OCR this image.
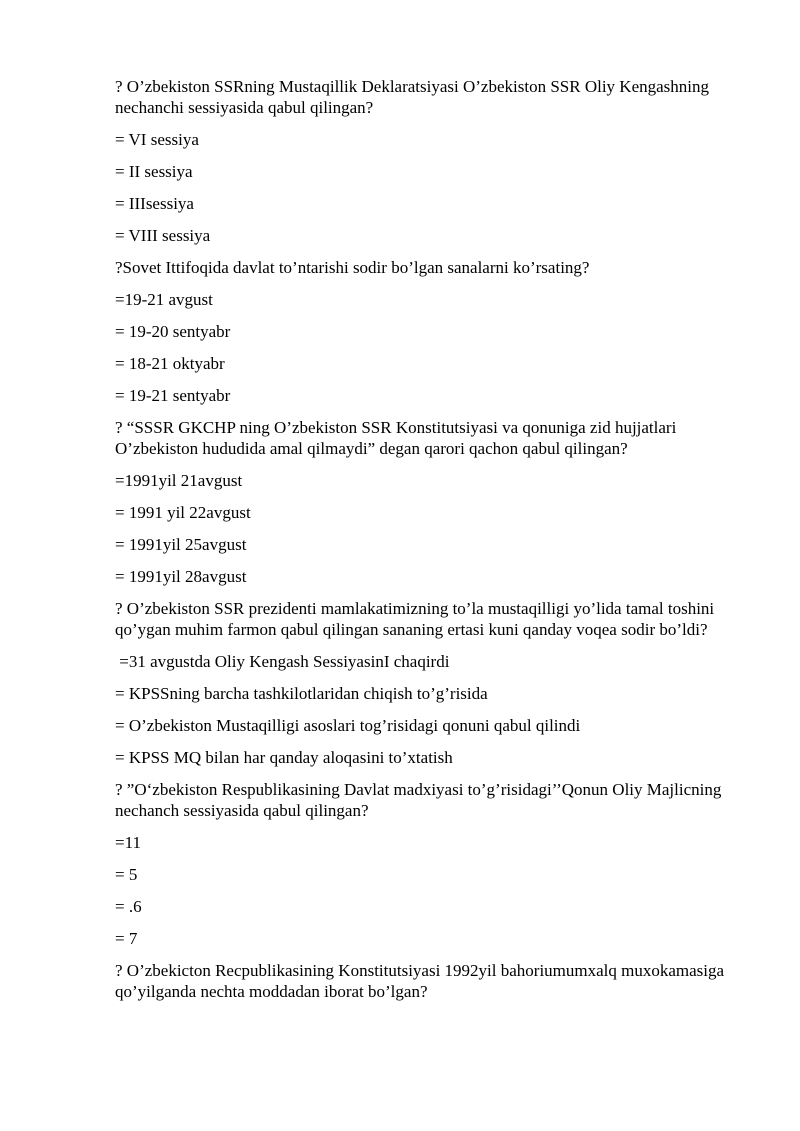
? O’zbekiston SSRning Mustaqillik Deklaratsiyasi O’zbekiston SSR Oliy Kengashning nechanchi sessiyasida qabul qilingan?

= VI sessiya

= II sessiya

= IIIsessiya

= VIII sessiya

?Sovet Ittifoqida davlat to’ntarishi sodir bo’lgan sanalarni ko’rsating?

=19-21 avgust

= 19-20 sentyabr

= 18-21 oktyabr

= 19-21 sentyabr

? “SSSR GKCHP ning O’zbekiston SSR Konstitutsiyasi va qonuniga zid hujjatlari O’zbekiston hududida amal qilmaydi” degan qarori qachon qabul qilingan?

=1991yil 21avgust

= 1991 yil 22avgust

= 1991yil 25avgust

= 1991yil 28avgust

? O’zbekiston SSR prezidenti mamlakatimizning to’la mustaqilligi yo’lida tamal toshini qo’ygan muhim farmon qabul qilingan sananing ertasi kuni qanday voqea sodir bo’ldi?

=31 avgustda Oliy Kengash SessiyasinI chaqirdi

= KPSSning barcha tashkilotlaridan chiqish to’g’risida

= O’zbekiston Mustaqilligi asoslari tog’risidagi qonuni qabul qilindi

= KPSS MQ bilan har qanday aloqasini to’xtatish

? ”O‘zbekiston Respublikasining Davlat madxiyasi to’g’risidagi’’Qonun Oliy Majlicning nechanch sessiyasida qabul qilingan?

=11

= 5

= .6

= 7

? O’zbekicton Recpublikasining Konstitutsiyasi 1992yil bahoriumumxalq muxokamasiga qo’yilganda nechta moddadan iborat bo’lgan?
